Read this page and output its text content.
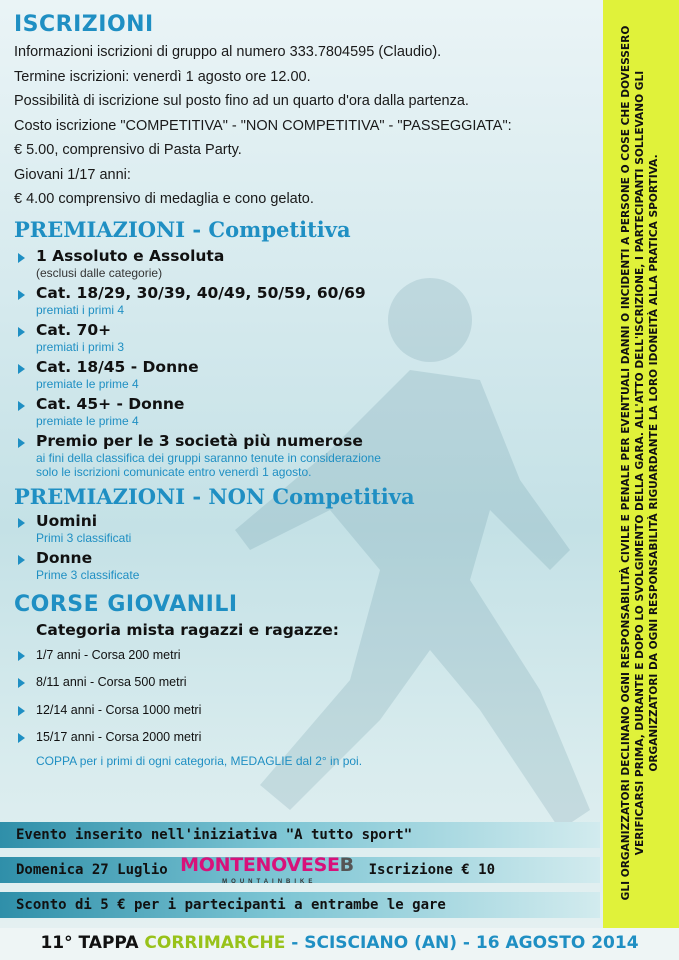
ISCRIZIONI

Informazioni iscrizioni di gruppo al numero 333.7804595 (Claudio).

Termine iscrizioni: venerdì 1 agosto ore 12.00.

Possibilità di iscrizione sul posto fino ad un quarto d'ora dalla partenza.

Costo iscrizione "COMPETITIVA" - "NON COMPETITIVA" - "PASSEGGIATA":

€ 5.00, comprensivo di Pasta Party.

Giovani 1/17 anni:

€ 4.00 comprensivo di medaglia e cono gelato.

PREMIAZIONI - Competitiva
1 Assoluto e Assoluta
(esclusi dalle categorie)
Cat. 18/29, 30/39, 40/49, 50/59, 60/69
premiati i primi 4
Cat. 70+
premiati i primi 3
Cat. 18/45 - Donne
premiate le prime 4
Cat. 45+ - Donne
premiate le prime 4
Premio per le 3 società più numerose
ai fini della classifica dei gruppi saranno tenute in considerazione
solo le iscrizioni comunicate entro venerdì 1 agosto.
PREMIAZIONI - NON Competitiva
Uomini
Primi 3 classificati
Donne
Prime 3 classificate
CORSE GIOVANILI
Categoria mista ragazzi e ragazze:
1/7 anni - Corsa 200 metri
8/11 anni - Corsa 500 metri
12/14 anni - Corsa 1000 metri
15/17 anni - Corsa 2000 metri
COPPA per i primi di ogni categoria, MEDAGLIE dal 2° in poi.
Evento inserito nell'iniziativa "A tutto sport"
Domenica 27 Luglio MONTENOVESEB
MOUNTAINBIKE
Iscrizione € 10
Sconto di 5 € per i partecipanti a entrambe le gare
GLI ORGANIZZATORI DECLINANO OGNI RESPONSABILITÀ CIVILE E PENALE PER EVENTUALI DANNI O INCIDENTI A PERSONE O COSE CHE DOVESSERO VERIFICARSI PRIMA, DURANTE E DOPO LO SVOLGIMENTO DELLA GARA. ALL'ATTO DELL'ISCRIZIONE, I PARTECIPANTI SOLLEVANO GLI ORGANIZZATORI DA OGNI RESPONSABILITÀ RIGUARDANTE LA LORO IDONEITÀ ALLA PRATICA SPORTIVA.
11° TAPPA CORRIMARCHE - SCISCIANO (AN) - 16 AGOSTO 2014
